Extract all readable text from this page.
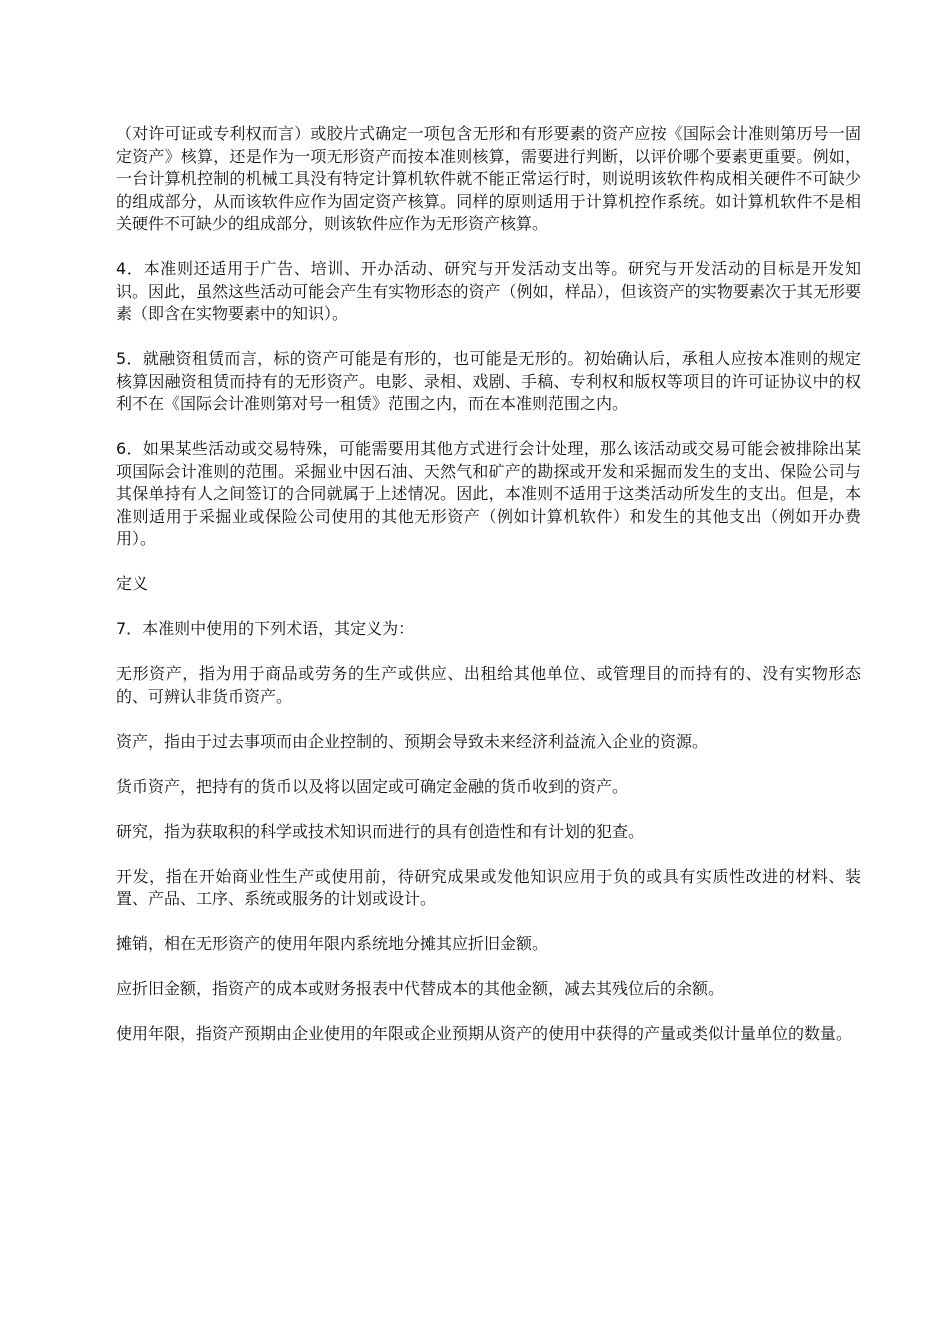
（对许可证或专利权而言）或胶片式确定一项包含无形和有形要素的资产应按《国际会计准则第历号一固定资产》核算，还是作为一项无形资产而按本准则核算，需要进行判断，以评价哪个要素更重要。例如，一台计算机控制的机械工具没有特定计算机软件就不能正常运行时，则说明该软件构成相关硬件不可缺少的组成部分，从而该软件应作为固定资产核算。同样的原则适用于计算机控作系统。如计算机软件不是相关硬件不可缺少的组成部分，则该软件应作为无形资产核算。

4．本准则还适用于广告、培训、开办活动、研究与开发活动支出等。研究与开发活动的目标是开发知识。因此，虽然这些活动可能会产生有实物形态的资产（例如，样品），但该资产的实物要素次于其无形要素（即含在实物要素中的知识）。

5．就融资租赁而言，标的资产可能是有形的，也可能是无形的。初始确认后，承租人应按本准则的规定核算因融资租赁而持有的无形资产。电影、录相、戏剧、手稿、专利权和版权等项目的许可证协议中的权利不在《国际会计准则第对号一租赁》范围之内，而在本准则范围之内。

6．如果某些活动或交易特殊，可能需要用其他方式进行会计处理，那么该活动或交易可能会被排除出某项国际会计准则的范围。采掘业中因石油、天然气和矿产的勘探或开发和采掘而发生的支出、保险公司与其保单持有人之间签订的合同就属于上述情况。因此，本准则不适用于这类活动所发生的支出。但是，本准则适用于采掘业或保险公司使用的其他无形资产（例如计算机软件）和发生的其他支出（例如开办费用）。

定义

7．本准则中使用的下列术语，其定义为：

无形资产，指为用于商品或劳务的生产或供应、出租给其他单位、或管理目的而持有的、没有实物形态的、可辨认非货币资产。

资产，指由于过去事项而由企业控制的、预期会导致未来经济利益流入企业的资源。

货币资产，把持有的货币以及将以固定或可确定金融的货币收到的资产。

研究，指为获取积的科学或技术知识而进行的具有创造性和有计划的犯查。

开发，指在开始商业性生产或使用前，待研究成果或发他知识应用于负的或具有实质性改进的材料、装置、产品、工序、系统或服务的计划或设计。

摊销，相在无形资产的使用年限内系统地分摊其应折旧金额。

应折旧金额，指资产的成本或财务报表中代替成本的其他金额，减去其残位后的余额。

使用年限，指资产预期由企业使用的年限或企业预期从资产的使用中获得的产量或类似计量单位的数量。
